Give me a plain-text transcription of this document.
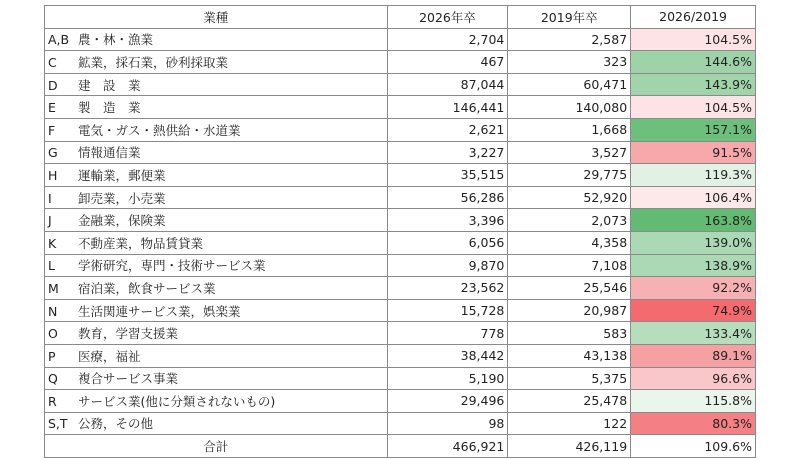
業種	2026年卒	2019年卒	2026/2019
A,B 農・林・漁業	2,704	2,587	104.5%
C 鉱業，採石業，砂利採取業	467	323	144.6%
D 建　設　業	87,044	60,471	143.9%
E 製　造　業	146,441	140,080	104.5%
F 電気・ガス・熱供給・水道業	2,621	1,668	157.1%
G 情報通信業	3,227	3,527	91.5%
H 運輸業，郵便業	35,515	29,775	119.3%
I 卸売業，小売業	56,286	52,920	106.4%
J 金融業，保険業	3,396	2,073	163.8%
K 不動産業，物品賃貸業	6,056	4,358	139.0%
L 学術研究，専門・技術サービス業	9,870	7,108	138.9%
M 宿泊業，飲食サービス業	23,562	25,546	92.2%
N 生活関連サービス業，娯楽業	15,728	20,987	74.9%
O 教育，学習支援業	778	583	133.4%
P 医療，福祉	38,442	43,138	89.1%
Q 複合サービス事業	5,190	5,375	96.6%
R サービス業(他に分類されないもの)	29,496	25,478	115.8%
S,T 公務，その他	98	122	80.3%
合計	466,921	426,119	109.6%
